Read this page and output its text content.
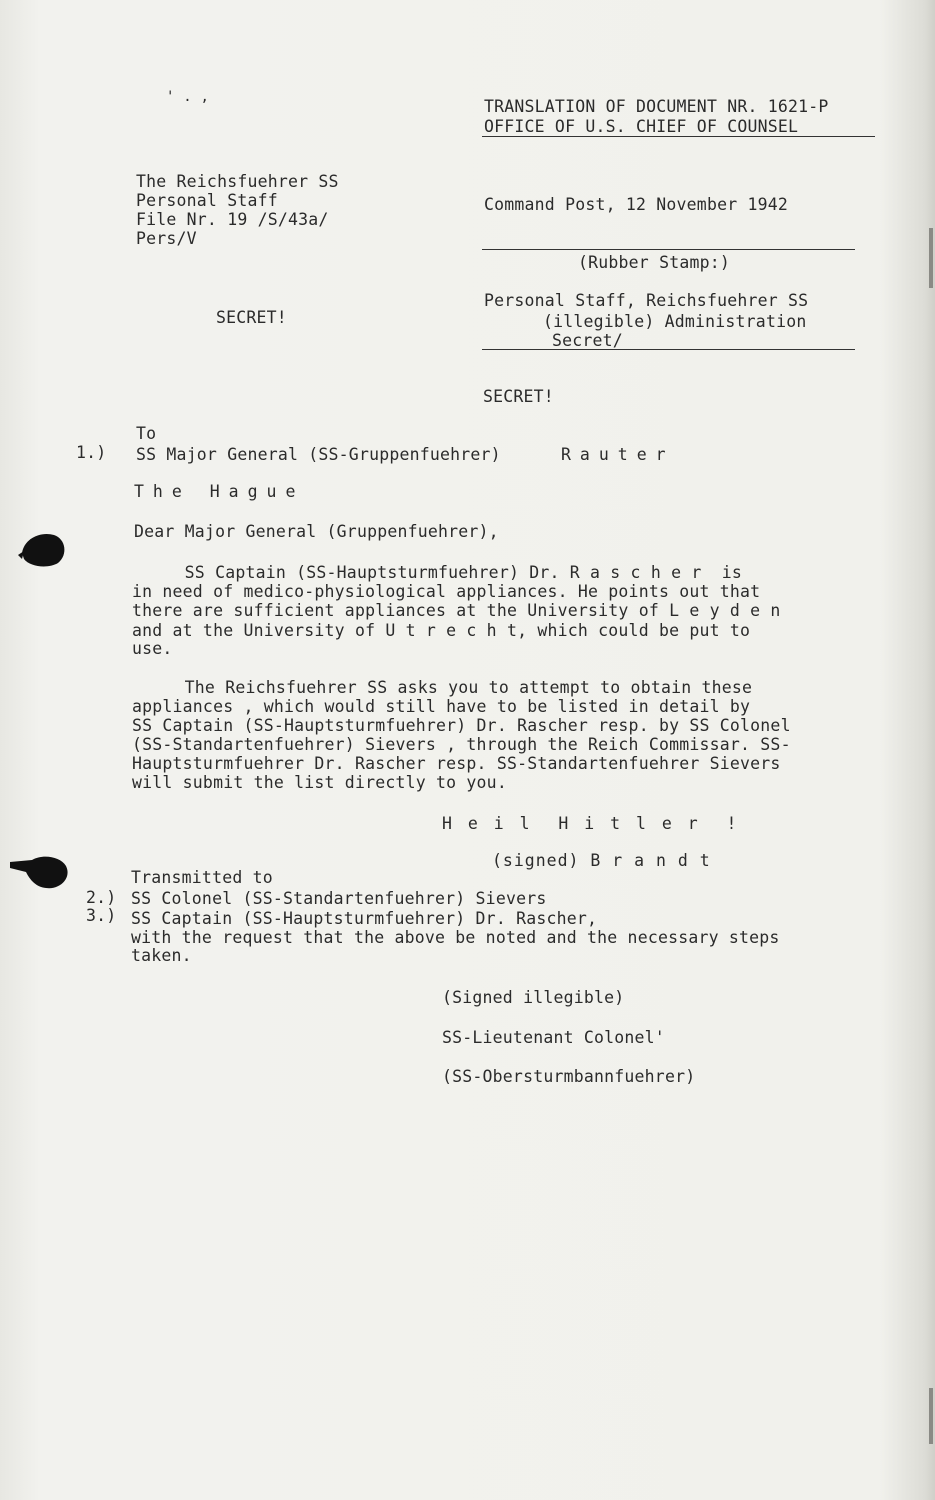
' . ,	TRANSLATION OF DOCUMENT NR. 1621-P
OFFICE OF U.S. CHIEF OF COUNSEL
The Reichsfuehrer SS
Personal Staff
File Nr. 19 /S/43a/
Pers/V
Command Post, 12 November 1942
(Rubber Stamp:)
SECRET!
Personal Staff, Reichsfuehrer SS
(illegible) Administration
Secret/
SECRET!
To
1.) SS Major General (SS-Gruppenfuehrer)	Rauter
The Hague
Dear Major General (Gruppenfuehrer),
SS Captain (SS-Hauptsturmfuehrer) Dr. R a s c h e r  is
in need of medico-physiological appliances. He points out that
there are sufficient appliances at the University of L e y d e n
and at the University of U t r e c h t, which could be put to
use.
The Reichsfuehrer SS asks you to attempt to obtain these
appliances , which would still have to be listed in detail by
SS Captain (SS-Hauptsturmfuehrer) Dr. Rascher resp. by SS Colonel
(SS-Standartenfuehrer) Sievers , through the Reich Commissar. SS-
Hauptsturmfuehrer Dr. Rascher resp. SS-Standartenfuehrer Sievers
will submit the list directly to you.
H e i l  H i t l e r  !
(signed) B r a n d t
Transmitted to
2.) SS Colonel (SS-Standartenfuehrer) Sievers
3.) SS Captain (SS-Hauptsturmfuehrer) Dr. Rascher,
with the request that the above be noted and the necessary steps
taken.
(Signed illegible)
SS-Lieutenant Colonel'
(SS-Obersturmbannfuehrer)
